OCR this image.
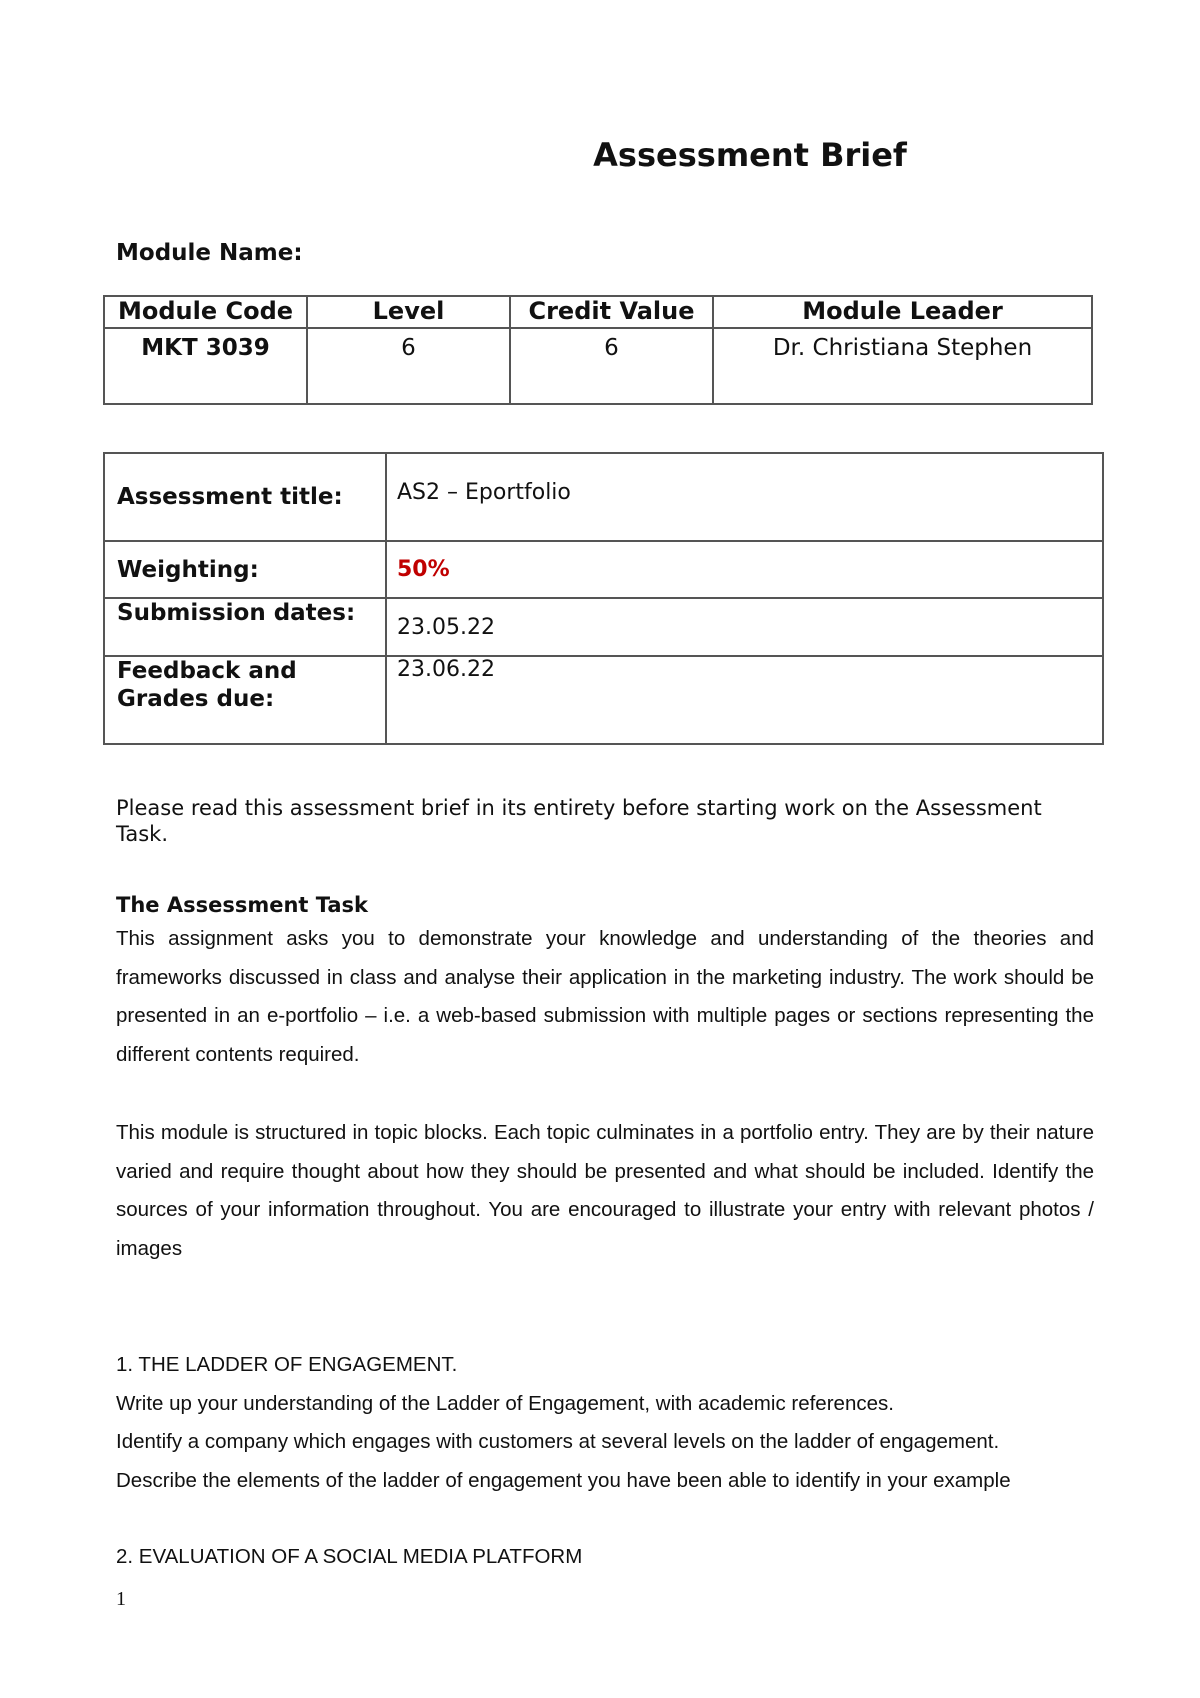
Assessment Brief
Module Name:
Module Code	Level	Credit Value	Module Leader
MKT 3039	6	6	Dr. Christiana Stephen
Assessment title:	AS2 – Eportfolio
Weighting:	50%
Submission dates:	23.05.22
Feedback and Grades due:	23.06.22
Please read this assessment brief in its entirety before starting work on the Assessment Task.
The Assessment Task
This assignment asks you to demonstrate your knowledge and understanding of the theories and frameworks discussed in class and analyse their application in the marketing industry. The work should be presented in an e-portfolio – i.e. a web-based submission with multiple pages or sections representing the different contents required.
This module is structured in topic blocks. Each topic culminates in a portfolio entry. They are by their nature varied and require thought about how they should be presented and what should be included. Identify the sources of your information throughout. You are encouraged to illustrate your entry with relevant photos / images
1. THE LADDER OF ENGAGEMENT.
Write up your understanding of the Ladder of Engagement, with academic references.
Identify a company which engages with customers at several levels on the ladder of engagement.
Describe the elements of the ladder of engagement you have been able to identify in your example
2. EVALUATION OF A SOCIAL MEDIA PLATFORM
1
